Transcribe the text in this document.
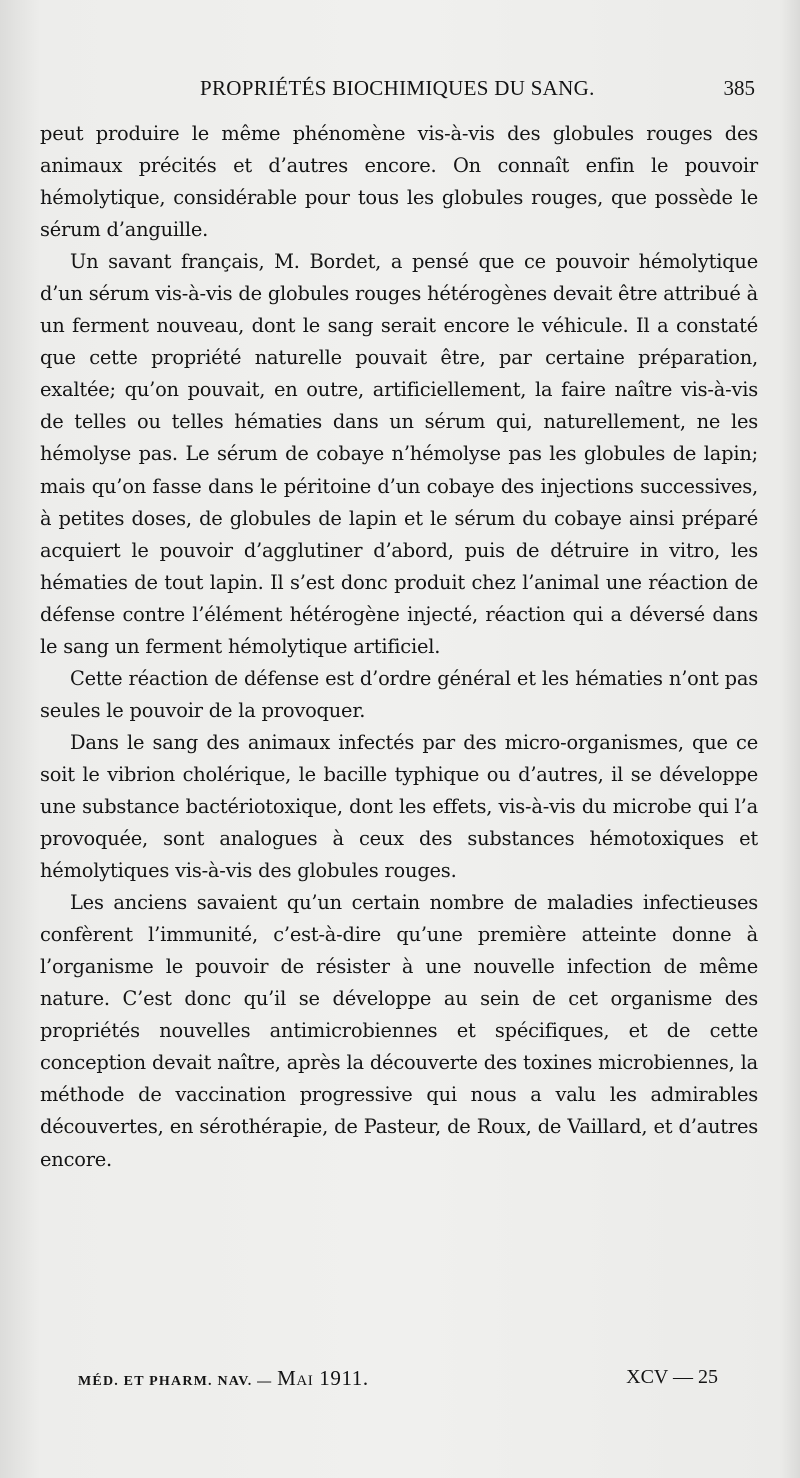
PROPRIÉTÉS BIOCHIMIQUES DU SANG.	385

peut produire le même phénomène vis-à-vis des globules rouges des animaux précités et d’autres encore. On connaît enfin le pouvoir hémolytique, considérable pour tous les globules rouges, que possède le sérum d’anguille.

Un savant français, M. Bordet, a pensé que ce pouvoir hémolytique d’un sérum vis-à-vis de globules rouges hétérogènes devait être attribué à un ferment nouveau, dont le sang serait encore le véhicule. Il a constaté que cette propriété naturelle pouvait être, par certaine préparation, exaltée; qu’on pouvait, en outre, artificiellement, la faire naître vis-à-vis de telles ou telles hématies dans un sérum qui, naturellement, ne les hémolyse pas. Le sérum de cobaye n’hémolyse pas les globules de lapin; mais qu’on fasse dans le péritoine d’un cobaye des injections successives, à petites doses, de globules de lapin et le sérum du cobaye ainsi préparé acquiert le pouvoir d’agglutiner d’abord, puis de détruire in vitro, les hématies de tout lapin. Il s’est donc produit chez l’animal une réaction de défense contre l’élément hétérogène injecté, réaction qui a déversé dans le sang un ferment hémolytique artificiel.

Cette réaction de défense est d’ordre général et les hématies n’ont pas seules le pouvoir de la provoquer.

Dans le sang des animaux infectés par des micro-organismes, que ce soit le vibrion cholérique, le bacille typhique ou d’autres, il se développe une substance bactériotoxique, dont les effets, vis-à-vis du microbe qui l’a provoquée, sont analogues à ceux des substances hémotoxiques et hémolytiques vis-à-vis des globules rouges.

Les anciens savaient qu’un certain nombre de maladies infectieuses confèrent l’immunité, c’est-à-dire qu’une première atteinte donne à l’organisme le pouvoir de résister à une nouvelle infection de même nature. C’est donc qu’il se développe au sein de cet organisme des propriétés nouvelles antimicrobiennes et spécifiques, et de cette conception devait naître, après la découverte des toxines microbiennes, la méthode de vaccination progressive qui nous a valu les admirables découvertes, en sérothérapie, de Pasteur, de Roux, de Vaillard, et d’autres encore.

MÉD. ET PHARM. NAV. — Mai 1911.	XCV — 25
